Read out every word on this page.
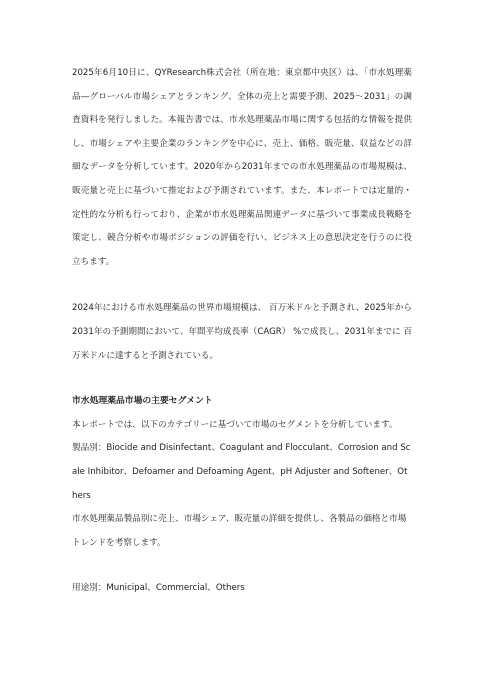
2025年6月10日に、QYResearch株式会社（所在地：東京都中央区）は、「市水処理薬品―グローバル市場シェアとランキング、全体の売上と需要予測、2025～2031」の調査資料を発行しました。本報告書では、市水処理薬品市場に関する包括的な情報を提供し、市場シェアや主要企業のランキングを中心に、売上、価格、販売量、収益などの詳細なデータを分析しています。2020年から2031年までの市水処理薬品の市場規模は、販売量と売上に基づいて推定および予測されています。また、本レポートでは定量的・定性的な分析も行っており、企業が市水処理薬品関連データに基づいて事業成長戦略を策定し、競合分析や市場ポジションの評価を行い、ビジネス上の意思決定を行うのに役立ちます。

2024年における市水処理薬品の世界市場規模は、 百万米ドルと予測され、2025年から2031年の予測期間において、年間平均成長率（CAGR） %で成長し、2031年までに 百万米ドルに達すると予測されている。

市水処理薬品市場の主要セグメント

本レポートでは、以下のカテゴリーに基づいて市場のセグメントを分析しています。

製品別：Biocide and Disinfectant、Coagulant and Flocculant、Corrosion and Scale Inhibitor、Defoamer and Defoaming Agent、pH Adjuster and Softener、Others

市水処理薬品製品別に売上、市場シェア、販売量の詳細を提供し、各製品の価格と市場トレンドを考察します。

用途別：Municipal、Commercial、Others
